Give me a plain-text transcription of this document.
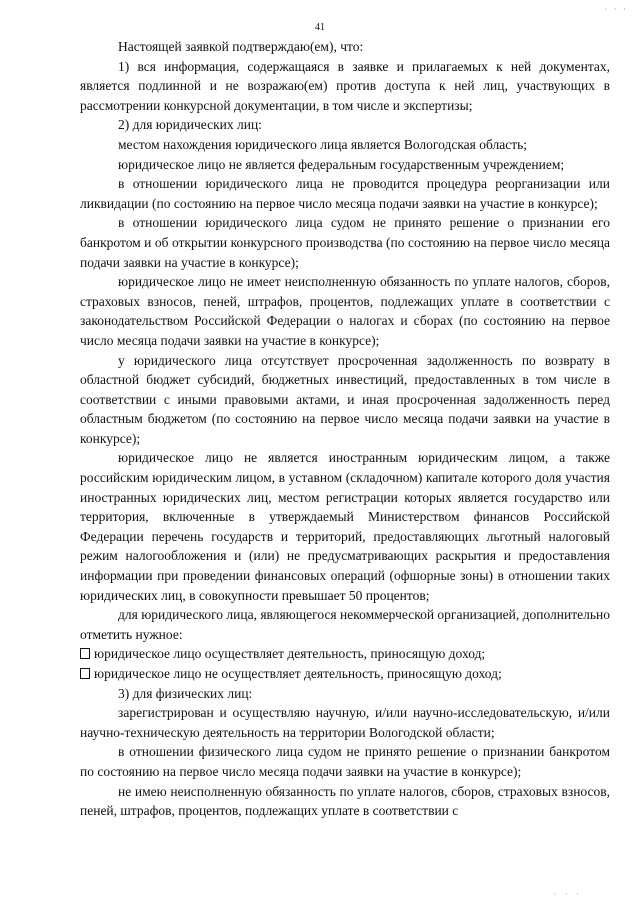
· · ·
41

Настоящей заявкой подтверждаю(ем), что:

1) вся информация, содержащаяся в заявке и прилагаемых к ней документах, является подлинной и не возражаю(ем) против доступа к ней лиц, участвующих в рассмотрении конкурсной документации, в том числе и экспертизы;

2) для юридических лиц:

местом нахождения юридического лица является Вологодская область;

юридическое лицо не является федеральным государственным учреждением;

в отношении юридического лица не проводится процедура реорганизации или ликвидации (по состоянию на первое число месяца подачи заявки на участие в конкурсе);

в отношении юридического лица судом не принято решение о признании его банкротом и об открытии конкурсного производства (по состоянию на первое число месяца подачи заявки на участие в конкурсе);

юридическое лицо не имеет неисполненную обязанность по уплате налогов, сборов, страховых взносов, пеней, штрафов, процентов, подлежащих уплате в соответствии с законодательством Российской Федерации о налогах и сборах (по состоянию на первое число месяца подачи заявки на участие в конкурсе);

у юридического лица отсутствует просроченная задолженность по возврату в областной бюджет субсидий, бюджетных инвестиций, предоставленных в том числе в соответствии с иными правовыми актами, и иная просроченная задолженность перед областным бюджетом (по состоянию на первое число месяца подачи заявки на участие в конкурсе);

юридическое лицо не является иностранным юридическим лицом, а также российским юридическим лицом, в уставном (складочном) капитале которого доля участия иностранных юридических лиц, местом регистрации которых является государство или территория, включенные в утверждаемый Министерством финансов Российской Федерации перечень государств и территорий, предоставляющих льготный налоговый режим налогообложения и (или) не предусматривающих раскрытия и предоставления информации при проведении финансовых операций (офшорные зоны) в отношении таких юридических лиц, в совокупности превышает 50 процентов;

для юридического лица, являющегося некоммерческой организацией, дополнительно отметить нужное:

юридическое лицо осуществляет деятельность, приносящую доход;

юридическое лицо не осуществляет деятельность, приносящую доход;

3) для физических лиц:

зарегистрирован и осуществляю научную, и/или научно-исследовательскую, и/или научно-техническую деятельность на территории Вологодской области;

в отношении физического лица судом не принято решение о признании банкротом по состоянию на первое число месяца подачи заявки на участие в конкурсе);

не имею неисполненную обязанность по уплате налогов, сборов, страховых взносов, пеней, штрафов, процентов, подлежащих уплате в соответствии с

· · ·
